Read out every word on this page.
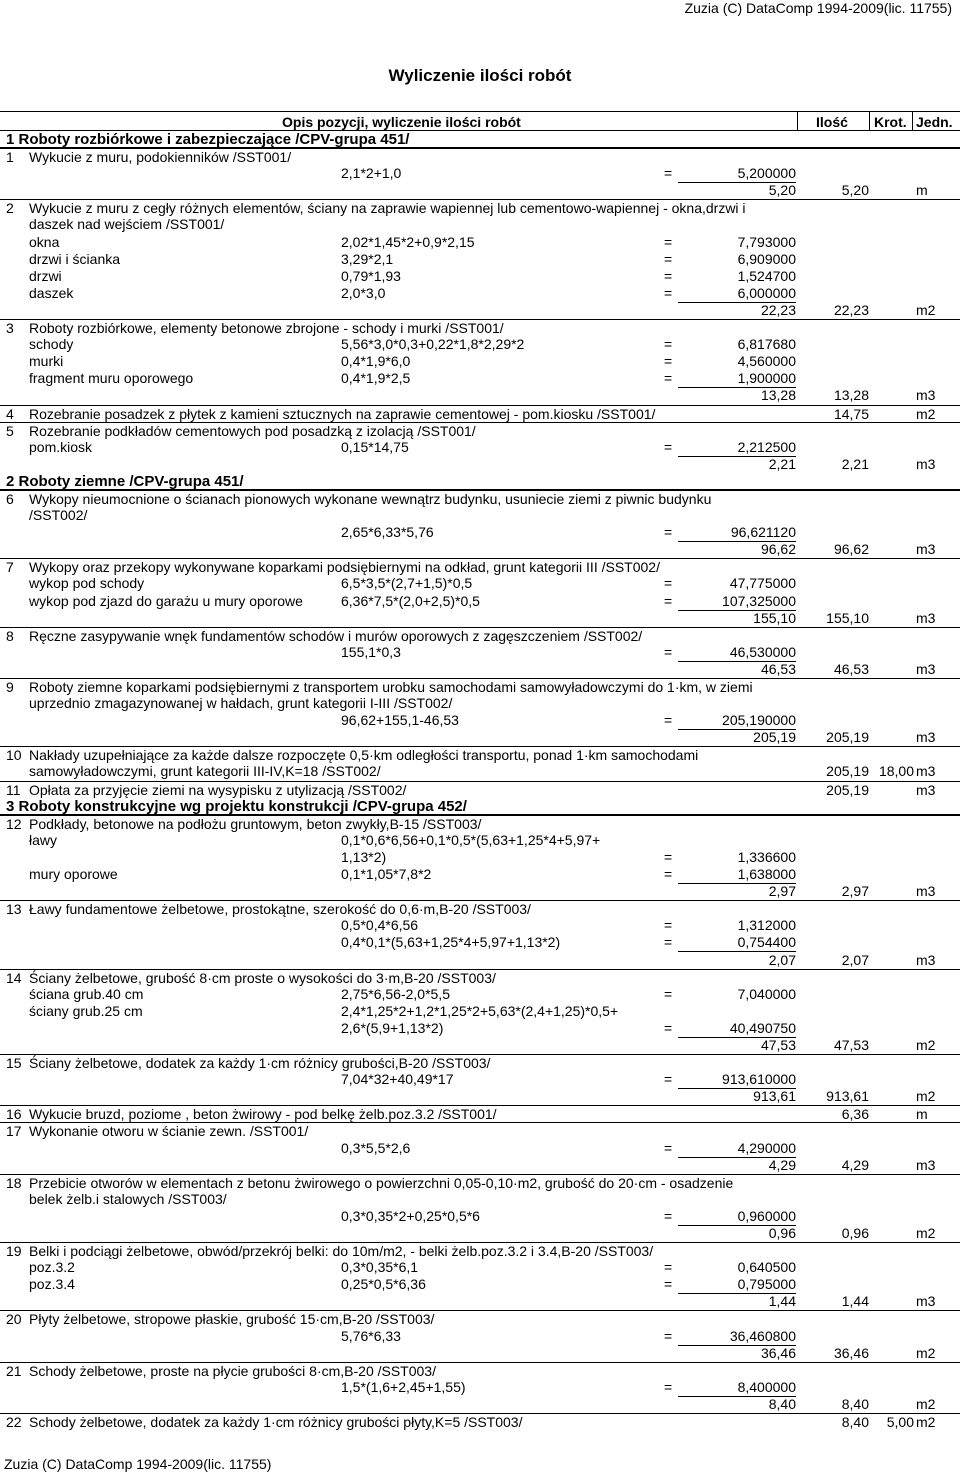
Zuzia (C) DataComp 1994-2009(lic. 11755)
Wyliczenie ilości robót
Opis pozycji, wyliczenie ilości robót	Ilość Krot. Jedn.
1 Roboty rozbiórkowe i zabezpieczające /CPV-grupa 451/
1 Wykucie z muru, podokienników /SST001/
2,1*2+1,0	=	5,200000
5,20	5,20	m
2 Wykucie z muru z cegły różnych elementów, ściany na zaprawie wapiennej lub cementowo-wapiennej - okna,drzwi i
daszek nad wejściem /SST001/
okna	2,02*1,45*2+0,9*2,15	=	7,793000
drzwi i ścianka	3,29*2,1	=	6,909000
drzwi	0,79*1,93	=	1,524700
daszek	2,0*3,0	=	6,000000
22,23	22,23	m2
3 Roboty rozbiórkowe, elementy betonowe zbrojone - schody i murki /SST001/
schody	5,56*3,0*0,3+0,22*1,8*2,29*2	=	6,817680
murki	0,4*1,9*6,0	=	4,560000
fragment muru oporowego	0,4*1,9*2,5	=	1,900000
13,28	13,28	m3
4 Rozebranie posadzek z płytek z kamieni sztucznych na zaprawie cementowej - pom.kiosku /SST001/	14,75	m2
5 Rozebranie podkładów cementowych pod posadzką z izolacją /SST001/
pom.kiosk	0,15*14,75	=	2,212500
2,21	2,21	m3
2 Roboty ziemne /CPV-grupa 451/
6 Wykopy nieumocnione o ścianach pionowych wykonane wewnątrz budynku, usuniecie ziemi z piwnic budynku
/SST002/
2,65*6,33*5,76	=	96,621120
96,62	96,62	m3
7 Wykopy oraz przekopy wykonywane koparkami podsiębiernymi na odkład, grunt kategorii III /SST002/
wykop pod schody	6,5*3,5*(2,7+1,5)*0,5	=	47,775000
wykop pod zjazd do garażu u mury oporowe	6,36*7,5*(2,0+2,5)*0,5	=	107,325000
155,10 155,10	m3
8 Ręczne zasypywanie wnęk fundamentów schodów i murów oporowych z zagęszczeniem /SST002/
155,1*0,3	=	46,530000
46,53	46,53	m3
9 Roboty ziemne koparkami podsiębiernymi z transportem urobku samochodami samowyładowczymi do 1·km, w ziemi
uprzednio zmagazynowanej w hałdach, grunt kategorii I-III /SST002/
96,62+155,1-46,53	=	205,190000
205,19 205,19	m3
10 Nakłady uzupełniające za każde dalsze rozpoczęte 0,5·km odległości transportu, ponad 1·km samochodami
samowyładowczymi, grunt kategorii III-IV,K=18 /SST002/	205,19 18,00 m3
11 Opłata za przyjęcie ziemi na wysypisku z utylizacją /SST002/	205,19	m3
3 Roboty konstrukcyjne wg projektu konstrukcji /CPV-grupa 452/
12 Podkłady, betonowe na podłożu gruntowym, beton zwykły,B-15 /SST003/
ławy	0,1*0,6*6,56+0,1*0,5*(5,63+1,25*4+5,97+
1,13*2)	=	1,336600
mury oporowe	0,1*1,05*7,8*2	=	1,638000
2,97	2,97	m3
13 Ławy fundamentowe żelbetowe, prostokątne, szerokość do 0,6·m,B-20 /SST003/
0,5*0,4*6,56	=	1,312000
0,4*0,1*(5,63+1,25*4+5,97+1,13*2)	=	0,754400
2,07	2,07	m3
14 Ściany żelbetowe, grubość 8·cm proste o wysokości do 3·m,B-20 /SST003/
ściana grub.40 cm	2,75*6,56-2,0*5,5	=	7,040000
ściany grub.25 cm	2,4*1,25*2+1,2*1,25*2+5,63*(2,4+1,25)*0,5+
2,6*(5,9+1,13*2)	=	40,490750
47,53	47,53	m2
15 Ściany żelbetowe, dodatek za każdy 1·cm różnicy grubości,B-20 /SST003/
7,04*32+40,49*17	=	913,610000
913,61 913,61	m2
16 Wykucie bruzd, poziome , beton żwirowy - pod belkę żelb.poz.3.2 /SST001/	6,36	m
17 Wykonanie otworu w ścianie zewn. /SST001/
0,3*5,5*2,6	=	4,290000
4,29	4,29	m3
18 Przebicie otworów w elementach z betonu żwirowego o powierzchni 0,05-0,10·m2, grubość do 20·cm - osadzenie
belek żelb.i stalowych /SST003/
0,3*0,35*2+0,25*0,5*6	=	0,960000
0,96	0,96	m2
19 Belki i podciągi żelbetowe, obwód/przekrój belki: do 10m/m2, - belki żelb.poz.3.2 i 3.4,B-20 /SST003/
poz.3.2	0,3*0,35*6,1	=	0,640500
poz.3.4	0,25*0,5*6,36	=	0,795000
1,44	1,44	m3
20 Płyty żelbetowe, stropowe płaskie, grubość 15·cm,B-20 /SST003/
5,76*6,33	=	36,460800
36,46	36,46	m2
21 Schody żelbetowe, proste na płycie grubości 8·cm,B-20 /SST003/
1,5*(1,6+2,45+1,55)	=	8,400000
8,40	8,40	m2
22 Schody żelbetowe, dodatek za każdy 1·cm różnicy grubości płyty,K=5 /SST003/	8,40 5,00 m2
Zuzia (C) DataComp 1994-2009(lic. 11755)
